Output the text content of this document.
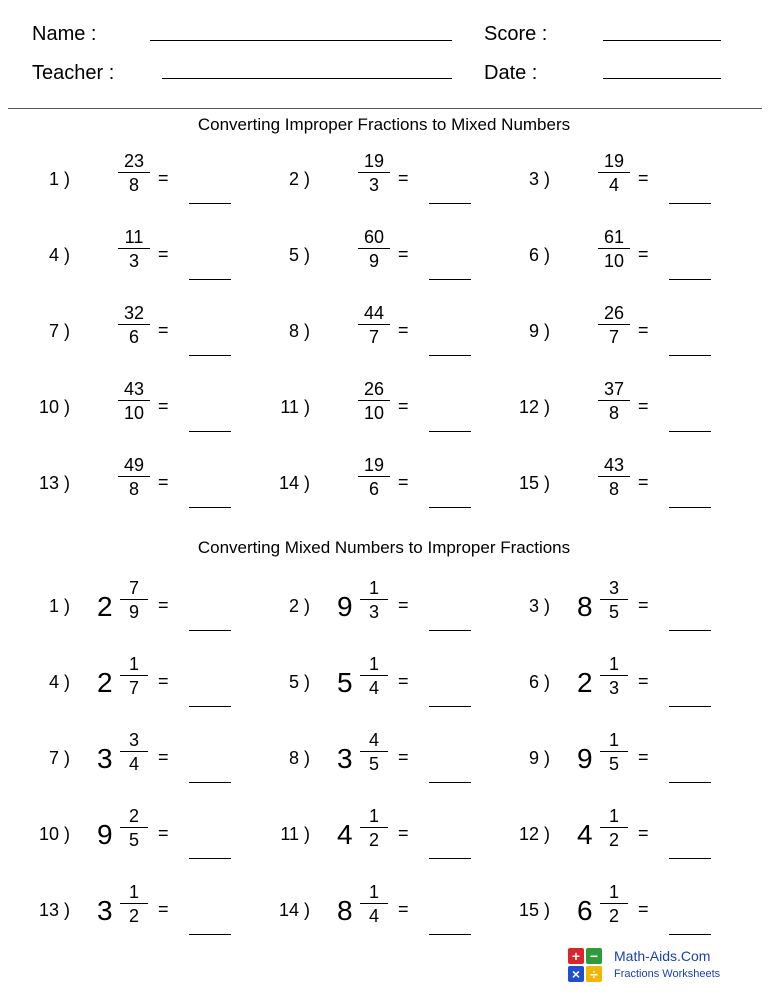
Name :	Score :
Teacher :	Date :
Converting Improper Fractions to Mixed Numbers
Converting Mixed Numbers to Improper Fractions
1 )
23
8	=	2 )
19
3	=	3 )
19
4	=
4 )
11
3	=	5 )
60
9	=	6 )
61
10 =
7 )
32
6	=	8 )
44
7	=	9 )
26
7	=
10 )
43
10 =	11 )
26
10 =	12 )
37
8	=
13 )
49
8	=	14 )
19
6	=	15 )
43
8	=
1 ) 2
7
9	=	2 ) 9
1
3	=	3 ) 8
3
5	=
4 ) 2
1
7	=	5 ) 5
1
4	=	6 ) 2
1
3	=
7 ) 3
3
4	=	8 ) 3
4
5	=	9 ) 9
1
5	=
10 ) 9
2
5	=	11 ) 4
1
2	=	12 ) 4
1
2	=
13 ) 3
1
2	=	14 ) 8
1
4	=	15 ) 6
1
2	=
+ −
× ÷
Math-Aids.Com
Fractions Worksheets
